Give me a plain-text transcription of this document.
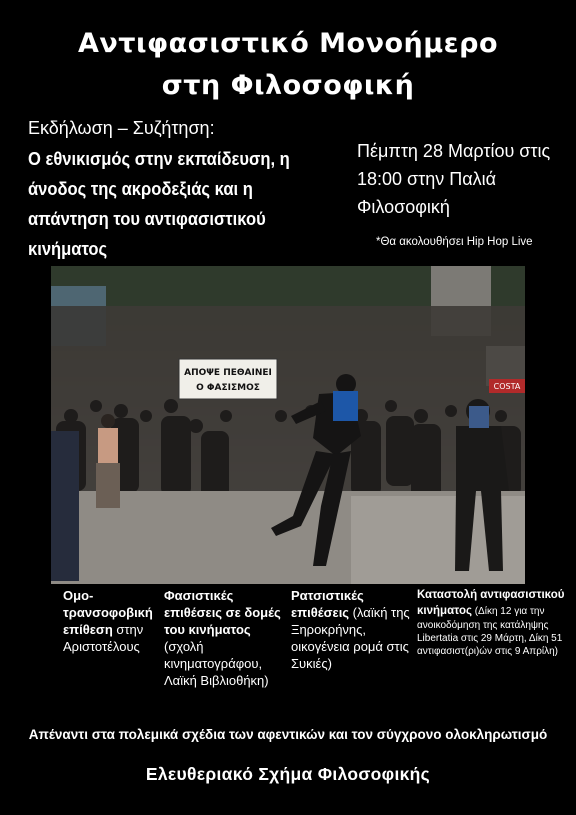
Αντιφασιστικό Μονοήμερο
στη Φιλοσοφική
Εκδήλωση – Συζήτηση:
Ο εθνικισμός στην εκπαίδευση, η άνοδος της ακροδεξιάς και η απάντηση του αντιφασιστικού κινήματος
Πέμπτη 28 Μαρτίου στις 18:00 στην Παλιά Φιλοσοφική
*Θα ακολουθήσει Hip Hop Live
ΑΠΟΨΕ ΠΕΘΑΙΝΕΙ
Ο ΦΑΣΙΣΜΟΣ	COSTA
Ομο-τρανσοφοβική επίθεση στην Αριστοτέλους
Φασιστικές επιθέσεις σε δομές του κινήματος (σχολή κινηματογράφου, Λαϊκή Βιβλιοθήκη)
Ρατσιστικές επιθέσεις (λαϊκή της Ξηροκρήνης, οικογένεια ρομά στις Συκιές)
Καταστολή αντιφασιστικού κινήματος (Δίκη 12 για την ανοικοδόμηση της κατάληψης Libertatia στις 29 Μάρτη, Δίκη 51 αντιφασιστ(ρι)ών στις 9 Απρίλη)
Απέναντι στα πολεμικά σχέδια των αφεντικών και τον σύγχρονο ολοκληρωτισμό
Ελευθεριακό Σχήμα Φιλοσοφικής
